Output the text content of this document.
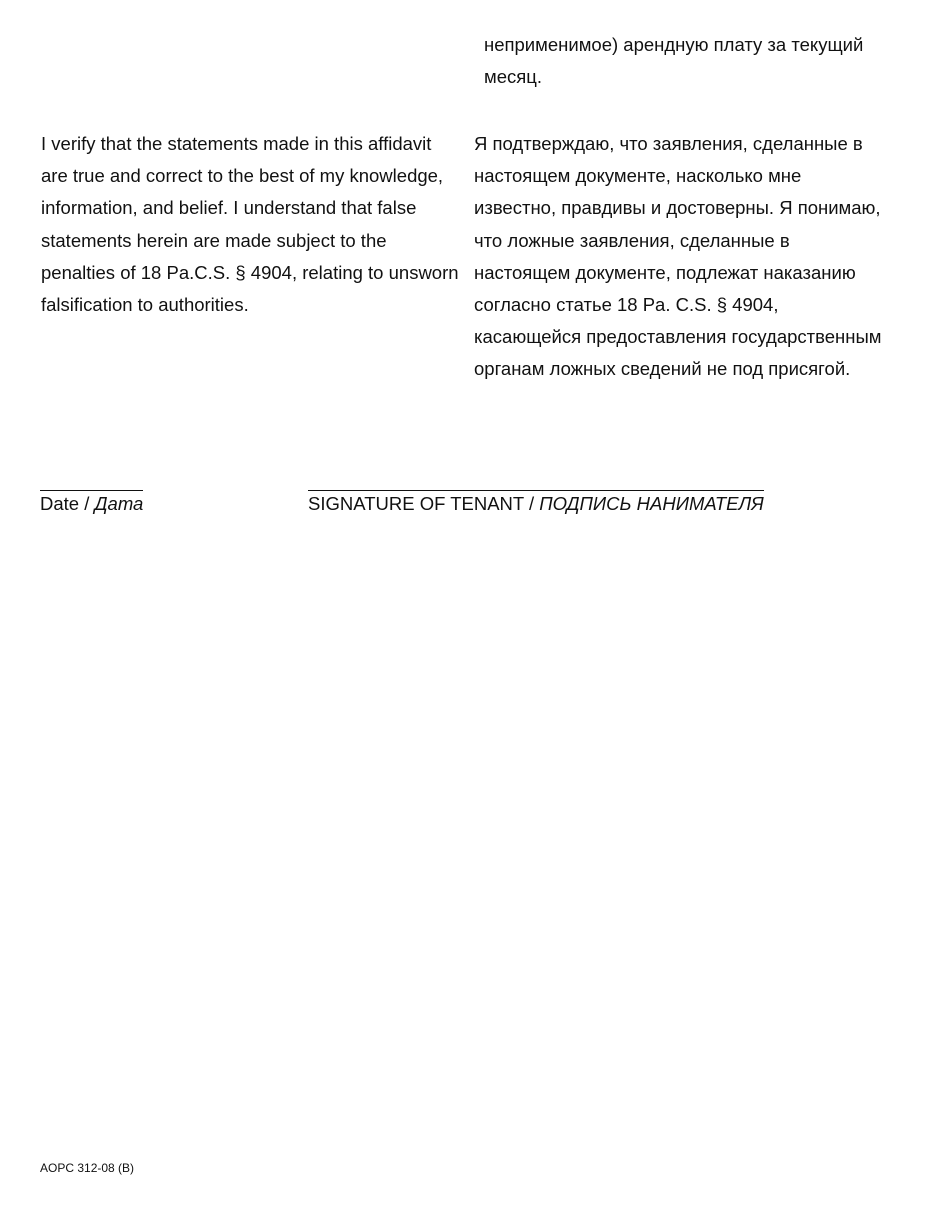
неприменимое) арендную плату за текущий
месяц.
I verify that the statements made in this affidavit
are true and correct to the best of my knowledge,
information, and belief. I understand that false
statements herein are made subject to the
penalties of 18 Pa.C.S. § 4904, relating to unsworn
falsification to authorities.
Я подтверждаю, что заявления, сделанные в
настоящем документе, насколько мне
известно, правдивы и достоверны. Я понимаю,
что ложные заявления, сделанные в
настоящем документе, подлежат наказанию
согласно статье 18 Pa. C.S. § 4904,
касающейся предоставления государственным
органам ложных сведений не под присягой.
Date / Дата	SIGNATURE OF TENANT / ПОДПИСЬ НАНИМАТЕЛЯ
AOPC 312-08 (B)
